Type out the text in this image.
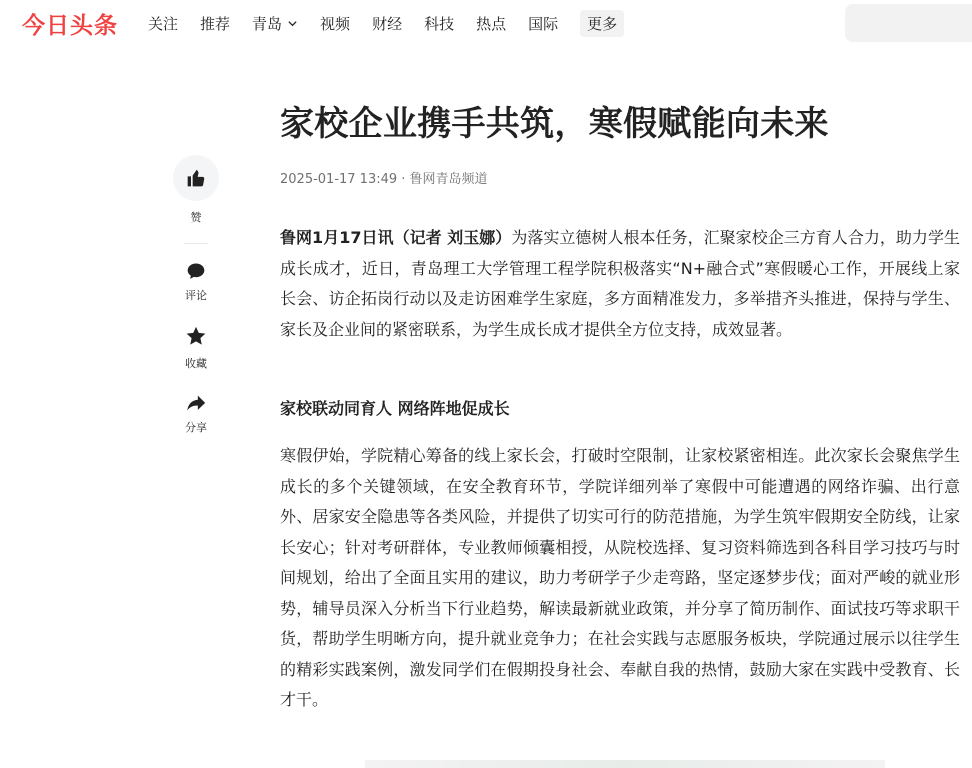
今日头条 关注 推荐 青岛	视频 财经 科技 热点 国际	更多
赞
评论
收藏
分享
家校企业携手共筑，寒假赋能向未来
2025-01-17 13:49 · 鲁网青岛频道

鲁网1月17日讯（记者 刘玉娜）为落实立德树人根本任务，汇聚家校企三方育人合力，助力学生成长成才，近日，青岛理工大学管理工程学院积极落实“N+融合式”寒假暖心工作，开展线上家长会、访企拓岗行动以及走访困难学生家庭，多方面精准发力，多举措齐头推进，保持与学生、家长及企业间的紧密联系，为学生成长成才提供全方位支持，成效显著。

家校联动同育人 网络阵地促成长

寒假伊始，学院精心筹备的线上家长会，打破时空限制，让家校紧密相连。此次家长会聚焦学生成长的多个关键领域，在安全教育环节，学院详细列举了寒假中可能遭遇的网络诈骗、出行意外、居家安全隐患等各类风险，并提供了切实可行的防范措施，为学生筑牢假期安全防线，让家长安心；针对考研群体，专业教师倾囊相授，从院校选择、复习资料筛选到各科目学习技巧与时间规划，给出了全面且实用的建议，助力考研学子少走弯路，坚定逐梦步伐；面对严峻的就业形势，辅导员深入分析当下行业趋势，解读最新就业政策，并分享了简历制作、面试技巧等求职干货，帮助学生明晰方向，提升就业竞争力；在社会实践与志愿服务板块，学院通过展示以往学生的精彩实践案例，激发同学们在假期投身社会、奉献自我的热情，鼓励大家在实践中受教育、长才干。
